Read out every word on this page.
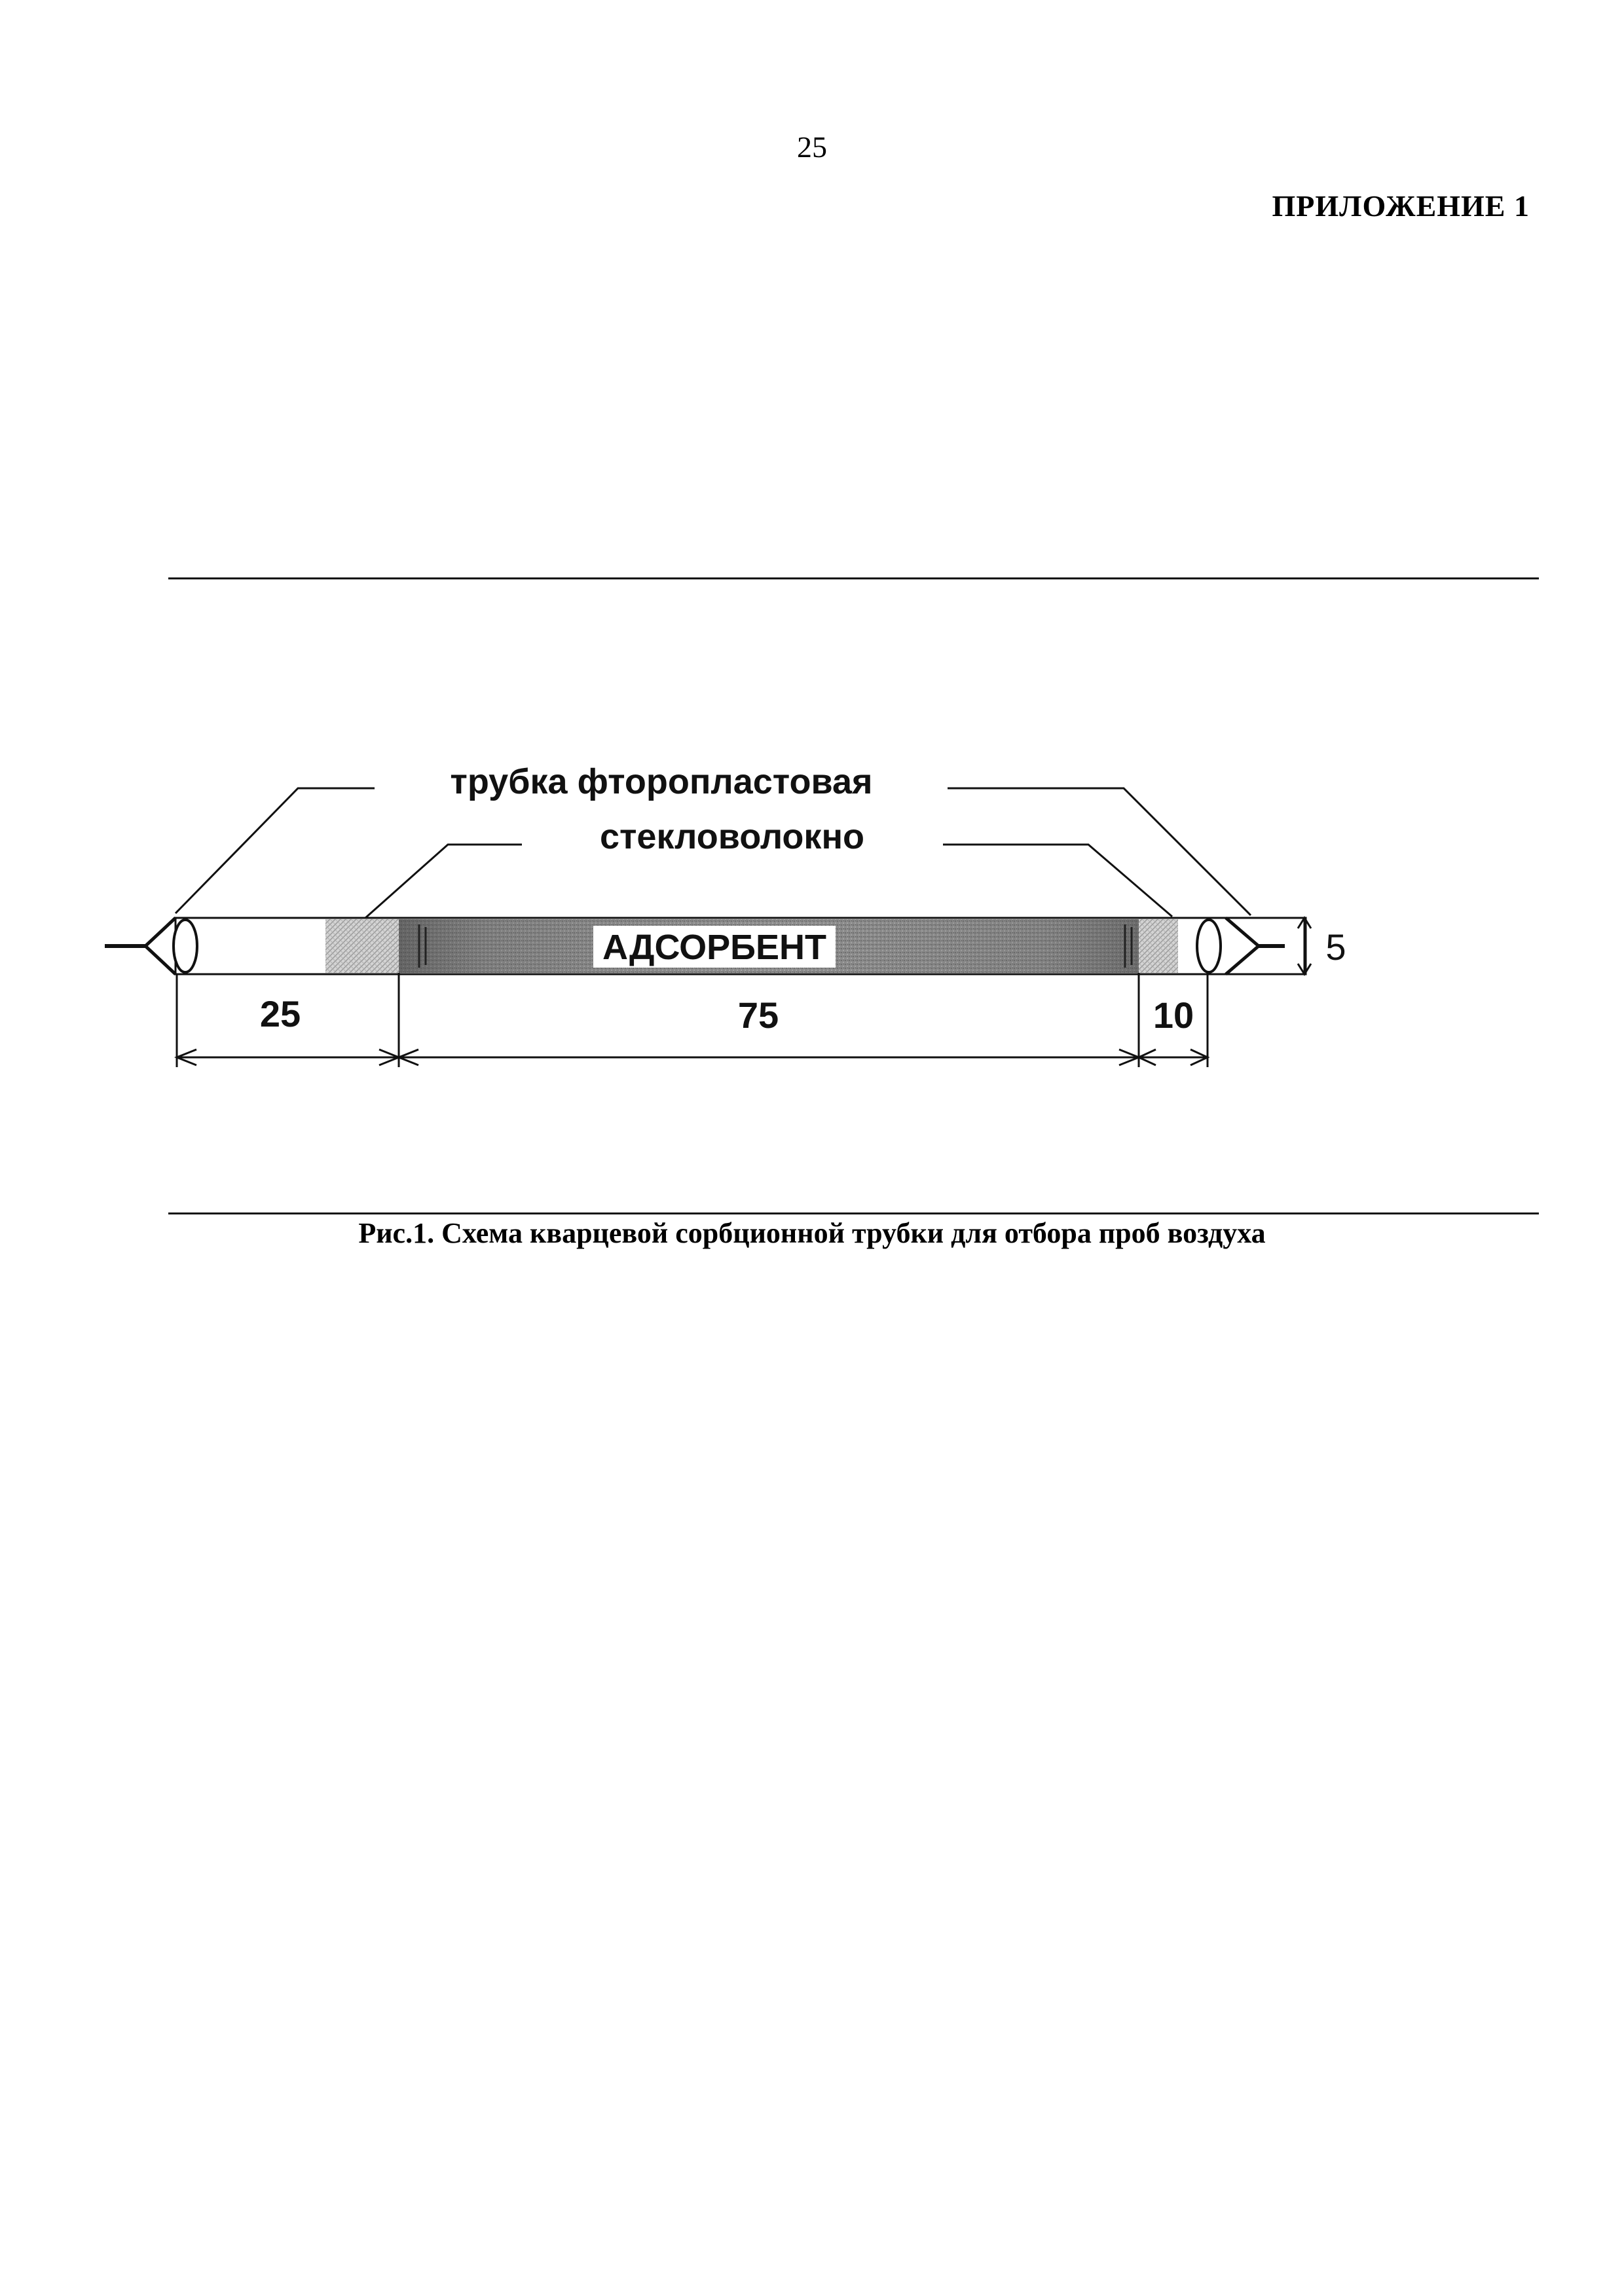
25
ПРИЛОЖЕНИЕ 1
трубка фторопластовая
стекловолокно
АДСОРБЕНТ	5
25	75	10
Рис.1. Схема кварцевой сорбционной трубки для отбора проб воздуха
